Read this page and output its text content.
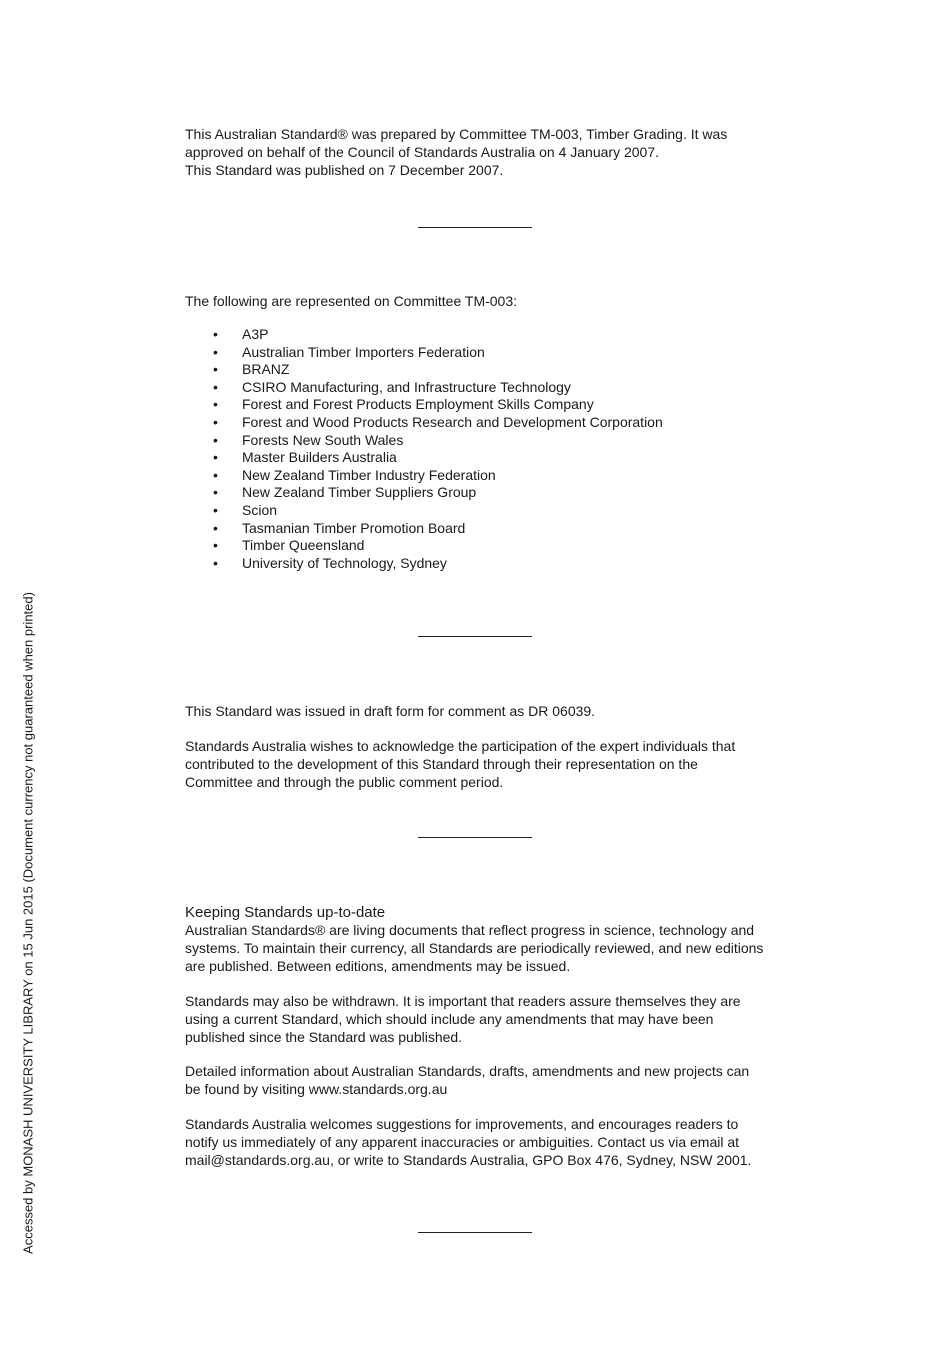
This Australian Standard® was prepared by Committee TM-003, Timber Grading. It was
approved on behalf of the Council of Standards Australia on 4 January 2007.
This Standard was published on 7 December 2007.

The following are represented on Committee TM-003:

• A3P
• Australian Timber Importers Federation
• BRANZ
• CSIRO Manufacturing, and Infrastructure Technology
• Forest and Forest Products Employment Skills Company
• Forest and Wood Products Research and Development Corporation
• Forests New South Wales
• Master Builders Australia
• New Zealand Timber Industry Federation
• New Zealand Timber Suppliers Group
• Scion
• Tasmanian Timber Promotion Board
• Timber Queensland
• University of Technology, Sydney

This Standard was issued in draft form for comment as DR 06039.

Standards Australia wishes to acknowledge the participation of the expert individuals that
contributed to the development of this Standard through their representation on the
Committee and through the public comment period.

Keeping Standards up-to-date

Australian Standards® are living documents that reflect progress in science, technology and
systems. To maintain their currency, all Standards are periodically reviewed, and new editions
are published. Between editions, amendments may be issued.

Standards may also be withdrawn. It is important that readers assure themselves they are
using a current Standard, which should include any amendments that may have been
published since the Standard was published.

Detailed information about Australian Standards, drafts, amendments and new projects can
be found by visiting www.standards.org.au

Standards Australia welcomes suggestions for improvements, and encourages readers to
notify us immediately of any apparent inaccuracies or ambiguities. Contact us via email at
mail@standards.org.au, or write to Standards Australia, GPO Box 476, Sydney, NSW 2001.

Accessed by MONASH UNIVERSITY LIBRARY on 15 Jun 2015 (Document currency not guaranteed when printed)
